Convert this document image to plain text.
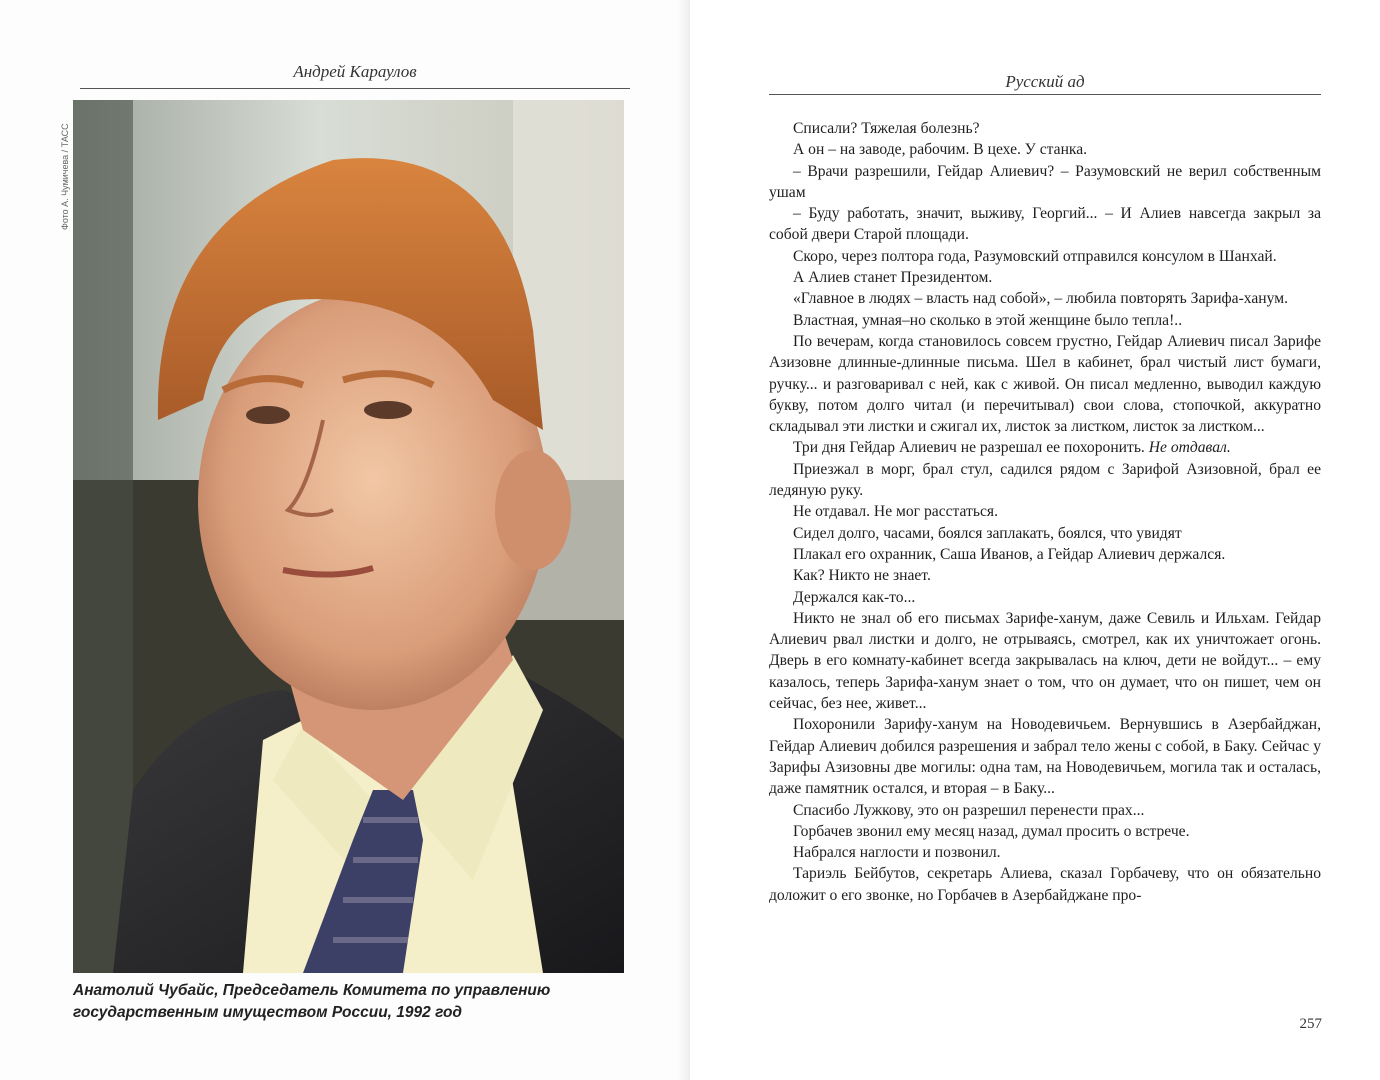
Андрей Караулов
Фото А. Чумичева / ТАСС
Анатолий Чубайс, Председатель Комитета по управлению
государственным имуществом России, 1992 год
Русский ад

Списали? Тяжелая болезнь?

А он – на заводе, рабочим. В цехе. У станка.

– Врачи разрешили, Гейдар Алиевич? – Разумовский не верил собственным ушам

– Буду работать, значит, выживу, Георгий... – И Алиев навсегда закрыл за собой двери Старой площади.

Скоро, через полтора года, Разумовский отправился консулом в Шанхай.

А Алиев станет Президентом.

«Главное в людях – власть над собой», – любила повторять Зарифа-ханум.

Властная, умная–но сколько в этой женщине было тепла!..

По вечерам, когда становилось совсем грустно, Гейдар Алиевич писал Зарифе Азизовне длинные-длинные письма. Шел в кабинет, брал чистый лист бумаги, ручку... и разговаривал с ней, как с живой. Он писал медленно, выводил каждую букву, потом долго читал (и перечитывал) свои слова, стопочкой, аккуратно складывал эти листки и сжигал их, листок за листком, листок за листком...

Три дня Гейдар Алиевич не разрешал ее похоронить. Не отдавал.

Приезжал в морг, брал стул, садился рядом с Зарифой Азизовной, брал ее ледяную руку.

Не отдавал. Не мог расстаться.

Сидел долго, часами, боялся заплакать, боялся, что увидят

Плакал его охранник, Саша Иванов, а Гейдар Алиевич держался.

Как? Никто не знает.

Держался как-то...

Никто не знал об его письмах Зарифе-ханум, даже Севиль и Ильхам. Гейдар Алиевич рвал листки и долго, не отрываясь, смотрел, как их уничтожает огонь. Дверь в его комнату-кабинет всегда закрывалась на ключ, дети не войдут... – ему казалось, теперь Зарифа-ханум знает о том, что он думает, что он пишет, чем он сейчас, без нее, живет...

Похоронили Зарифу-ханум на Новодевичьем. Вернувшись в Азербайджан, Гейдар Алиевич добился разрешения и забрал тело жены с собой, в Баку. Сейчас у Зарифы Азизовны две могилы: одна там, на Новодевичьем, могила так и осталась, даже памятник остался, и вторая – в Баку...

Спасибо Лужкову, это он разрешил перенести прах...

Горбачев звонил ему месяц назад, думал просить о встрече.

Набрался наглости и позвонил.

Тариэль Бейбутов, секретарь Алиева, сказал Горбачеву, что он обязательно доложит о его звонке, но Горбачев в Азербайджане про-

257
